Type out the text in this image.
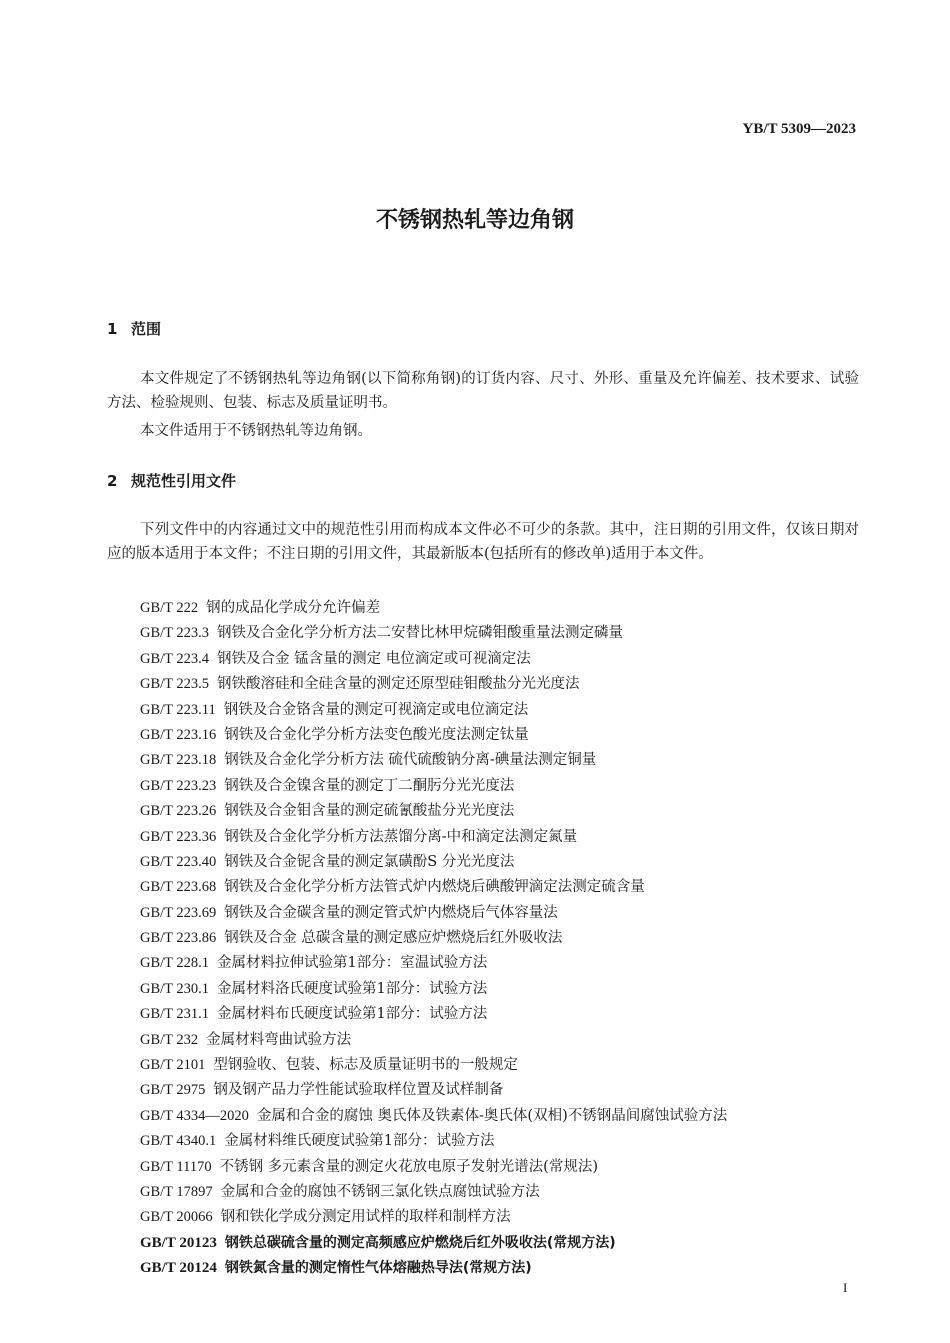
YB/T 5309—2023
不锈钢热轧等边角钢
1 范围

本文件规定了不锈钢热轧等边角钢(以下简称角钢)的订货内容、尺寸、外形、重量及允许偏差、技术要求、试验方法、检验规则、包装、标志及质量证明书。

本文件适用于不锈钢热轧等边角钢。

2 规范性引用文件

下列文件中的内容通过文中的规范性引用而构成本文件必不可少的条款。其中，注日期的引用文件，仅该日期对应的版本适用于本文件；不注日期的引用文件，其最新版本(包括所有的修改单)适用于本文件。

GB/T 222 钢的成品化学成分允许偏差
GB/T 223.3 钢铁及合金化学分析方法二安替比林甲烷磷钼酸重量法测定磷量
GB/T 223.4 钢铁及合金 锰含量的测定 电位滴定或可视滴定法
GB/T 223.5 钢铁酸溶硅和全硅含量的测定还原型硅钼酸盐分光光度法
GB/T 223.11 钢铁及合金铬含量的测定可视滴定或电位滴定法
GB/T 223.16 钢铁及合金化学分析方法变色酸光度法测定钛量
GB/T 223.18 钢铁及合金化学分析方法 硫代硫酸钠分离-碘量法测定铜量
GB/T 223.23 钢铁及合金镍含量的测定丁二酮肟分光光度法
GB/T 223.26 钢铁及合金钼含量的测定硫氰酸盐分光光度法
GB/T 223.36 钢铁及合金化学分析方法蒸馏分离-中和滴定法测定氮量
GB/T 223.40 钢铁及合金铌含量的测定氯磺酚S 分光光度法
GB/T 223.68 钢铁及合金化学分析方法管式炉内燃烧后碘酸钾滴定法测定硫含量
GB/T 223.69 钢铁及合金碳含量的测定管式炉内燃烧后气体容量法
GB/T 223.86 钢铁及合金 总碳含量的测定感应炉燃烧后红外吸收法
GB/T 228.1 金属材料拉伸试验第1部分：室温试验方法
GB/T 230.1 金属材料洛氏硬度试验第1部分：试验方法
GB/T 231.1 金属材料布氏硬度试验第1部分：试验方法
GB/T 232 金属材料弯曲试验方法
GB/T 2101 型钢验收、包装、标志及质量证明书的一般规定
GB/T 2975 钢及钢产品力学性能试验取样位置及试样制备
GB/T 4334—2020 金属和合金的腐蚀 奥氏体及铁素体-奥氏体(双相)不锈钢晶间腐蚀试验方法
GB/T 4340.1 金属材料维氏硬度试验第1部分：试验方法
GB/T 11170 不锈钢 多元素含量的测定火花放电原子发射光谱法(常规法)
GB/T 17897 金属和合金的腐蚀不锈钢三氯化铁点腐蚀试验方法
GB/T 20066 钢和铁化学成分测定用试样的取样和制样方法
GB/T 20123 钢铁总碳硫含量的测定高频感应炉燃烧后红外吸收法(常规方法)
GB/T 20124 钢铁氮含量的测定惰性气体熔融热导法(常规方法)
I
